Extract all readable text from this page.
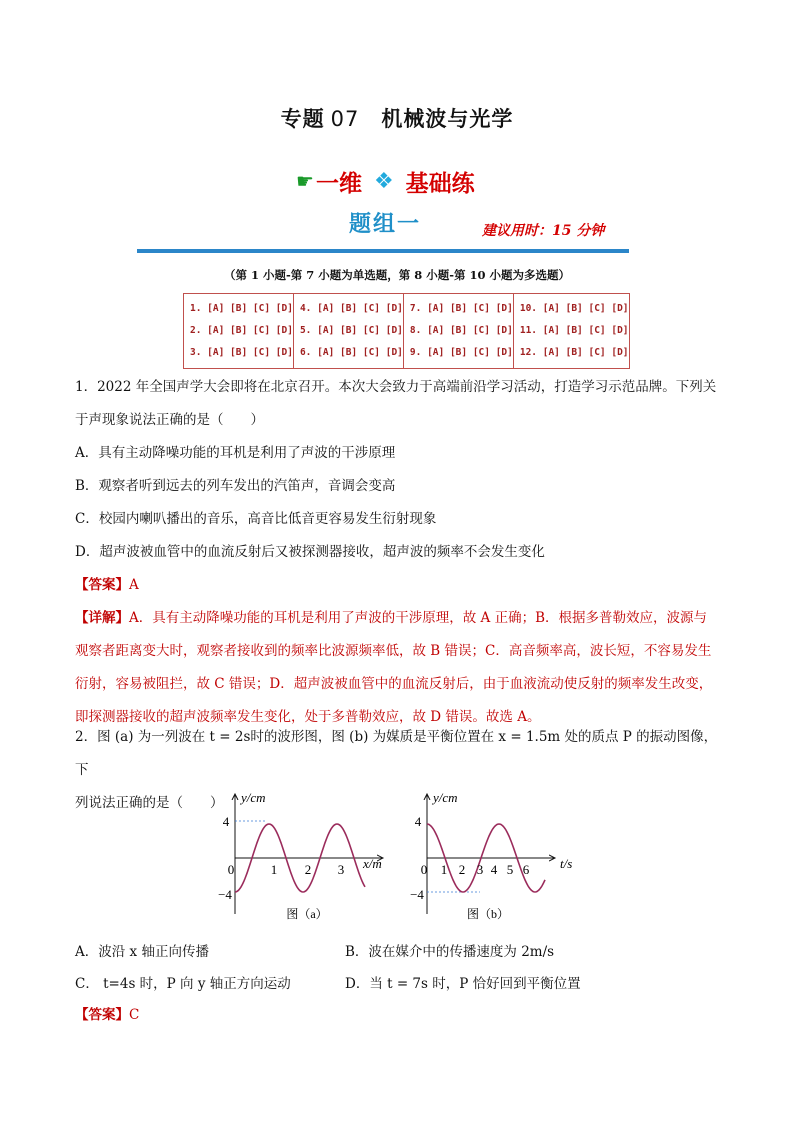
专题 07 机械波与光学
☛ 一维 ❖ 基础练
题组一	建议用时：15 分钟
（第 1 小题-第 7 小题为单选题，第 8 小题-第 10 小题为多选题）
1. [A] [B] [C] [D]	4. [A] [B] [C] [D]	7. [A] [B] [C] [D]	10. [A] [B] [C] [D]
2. [A] [B] [C] [D]	5. [A] [B] [C] [D]	8. [A] [B] [C] [D]	11. [A] [B] [C] [D]
3. [A] [B] [C] [D]	6. [A] [B] [C] [D]	9. [A] [B] [C] [D]	12. [A] [B] [C] [D]
1．2022 年全国声学大会即将在北京召开。本次大会致力于高端前沿学习活动，打造学习示范品牌。下列关
于声现象说法正确的是（　　）
A．具有主动降噪功能的耳机是利用了声波的干涉原理
B．观察者听到远去的列车发出的汽笛声，音调会变高
C．校园内喇叭播出的音乐，高音比低音更容易发生衍射现象
D．超声波被血管中的血流反射后又被探测器接收，超声波的频率不会发生变化
【答案】A
【详解】A．具有主动降噪功能的耳机是利用了声波的干涉原理，故 A 正确；B．根据多普勒效应，波源与
观察者距离变大时，观察者接收到的频率比波源频率低，故 B 错误；C．高音频率高，波长短，不容易发生
衍射，容易被阻拦，故 C 错误；D．超声波被血管中的血流反射后，由于血液流动使反射的频率发生改变，
即探测器接收的超声波频率发生变化，处于多普勒效应，故 D 错误。故选 A。
2．图 (a) 为一列波在 t = 2s时的波形图，图 (b) 为媒质是平衡位置在 x = 1.5m 处的质点 P 的振动图像，下
列说法正确的是（　　）	y/cm
x/m
4
−4
0	1 2 3
图（a）
y/cm
t/s
4
−4
0 1 2 3 4 5 6
图（b）
A．波沿 x 轴正向传播	B．波在媒介中的传播速度为 2m/s
C． t=4s 时，P 向 y 轴正方向运动	D．当 t = 7s 时，P 恰好回到平衡位置
【答案】C
